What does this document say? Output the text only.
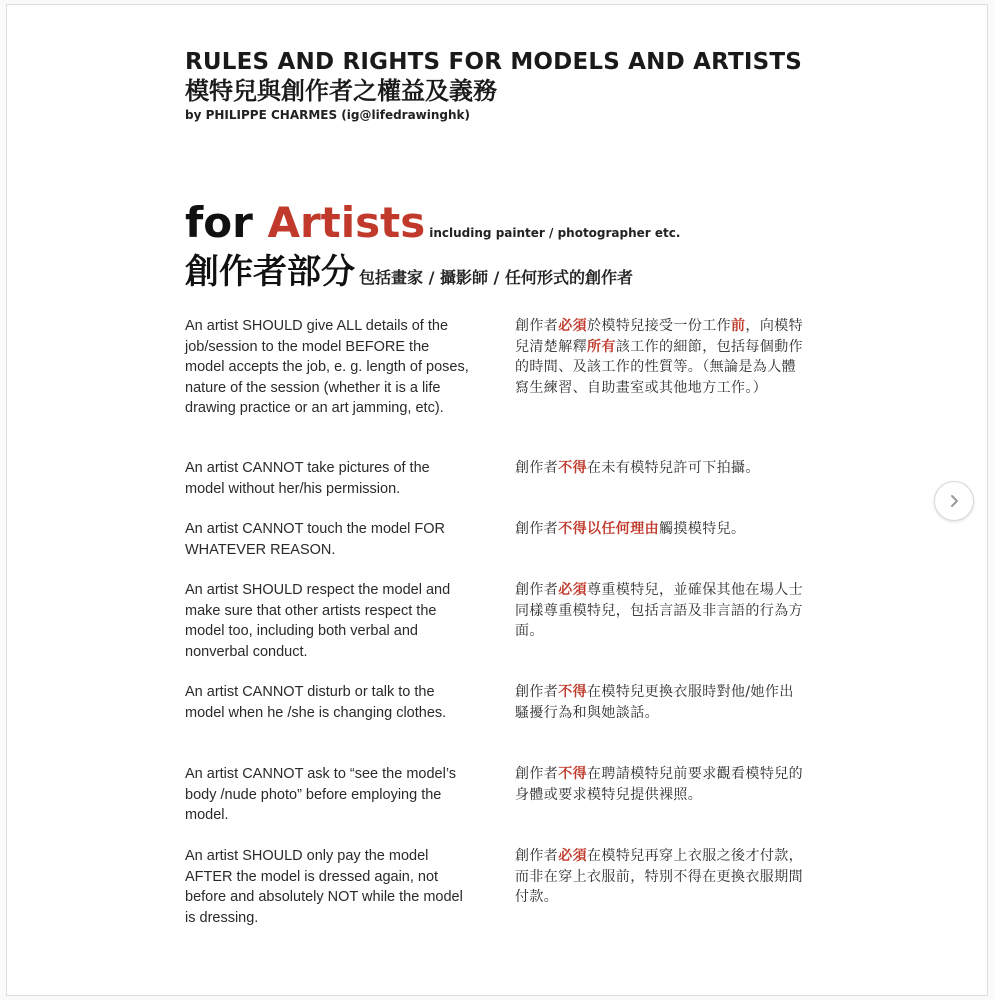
RULES AND RIGHTS FOR MODELS AND ARTISTS
模特兒與創作者之權益及義務
by PHILIPPE CHARMES (ig@lifedrawinghk)
for Artists including painter / photographer etc.
創作者部分 包括畫家 / 攝影師 / 任何形式的創作者
An artist SHOULD give ALL details of the job/session to the model BEFORE the model accepts the job, e. g. length of poses, nature of the session (whether it is a life drawing practice or an art jamming, etc).
創作者必須於模特兒接受一份工作前，向模特兒清楚解釋所有該工作的細節，包括每個動作的時間、及該工作的性質等。（無論是為人體寫生練習、自助畫室或其他地方工作。）
An artist CANNOT take pictures of the model without her/his permission.
創作者不得在未有模特兒許可下拍攝。
An artist CANNOT touch the model FOR WHATEVER REASON.
創作者不得以任何理由觸摸模特兒。
An artist SHOULD respect the model and make sure that other artists respect the model too, including both verbal and nonverbal conduct.
創作者必須尊重模特兒，並確保其他在場人士同樣尊重模特兒，包括言語及非言語的行為方面。
An artist CANNOT disturb or talk to the model when he /she is changing clothes.
創作者不得在模特兒更換衣服時對他/她作出騷擾行為和與她談話。
An artist CANNOT ask to “see the model’s body /nude photo” before employing the model.
創作者不得在聘請模特兒前要求觀看模特兒的身體或要求模特兒提供裸照。
An artist SHOULD only pay the model AFTER the model is dressed again, not before and absolutely NOT while the model is dressing.
創作者必須在模特兒再穿上衣服之後才付款，而非在穿上衣服前，特別不得在更換衣服期間付款。
